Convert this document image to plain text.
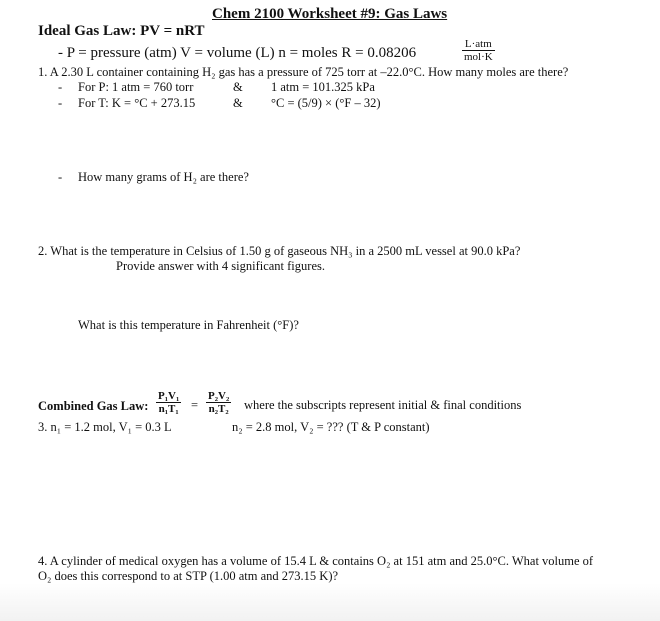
Chem 2100 Worksheet #9: Gas Laws
Ideal Gas Law: PV = nRT
- P = pressure (atm) V = volume (L) n = moles R = 0.08206
L·atm
mol·K
1. A 2.30 L container containing H₂ gas has a pressure of 725 torr at –22.0°C. How many moles are there?
- For P: 1 atm = 760 torr	& 1 atm = 101.325 kPa
- For T: K = °C + 273.15	& °C = (5/9) × (°F – 32)
- How many grams of H₂ are there?
2. What is the temperature in Celsius of 1.50 g of gaseous NH₃ in a 2500 mL vessel at 90.0 kPa?
Provide answer with 4 significant figures.
What is this temperature in Fahrenheit (°F)?
Combined Gas Law: $\frac{\text{P₁V₁}}{\text{n₁T₁}} = \frac{\text{P₂V₂}}{\text{n₂T₂}}$ where the subscripts represent initial & final conditions
3. n₁ = 1.2 mol, V₁ = 0.3 L	n₂ = 2.8 mol, V₂ = ??? (T & P constant)
4. A cylinder of medical oxygen has a volume of 15.4 L & contains O₂ at 151 atm and 25.0°C. What volume of
O₂ does this correspond to at STP (1.00 atm and 273.15 K)?
